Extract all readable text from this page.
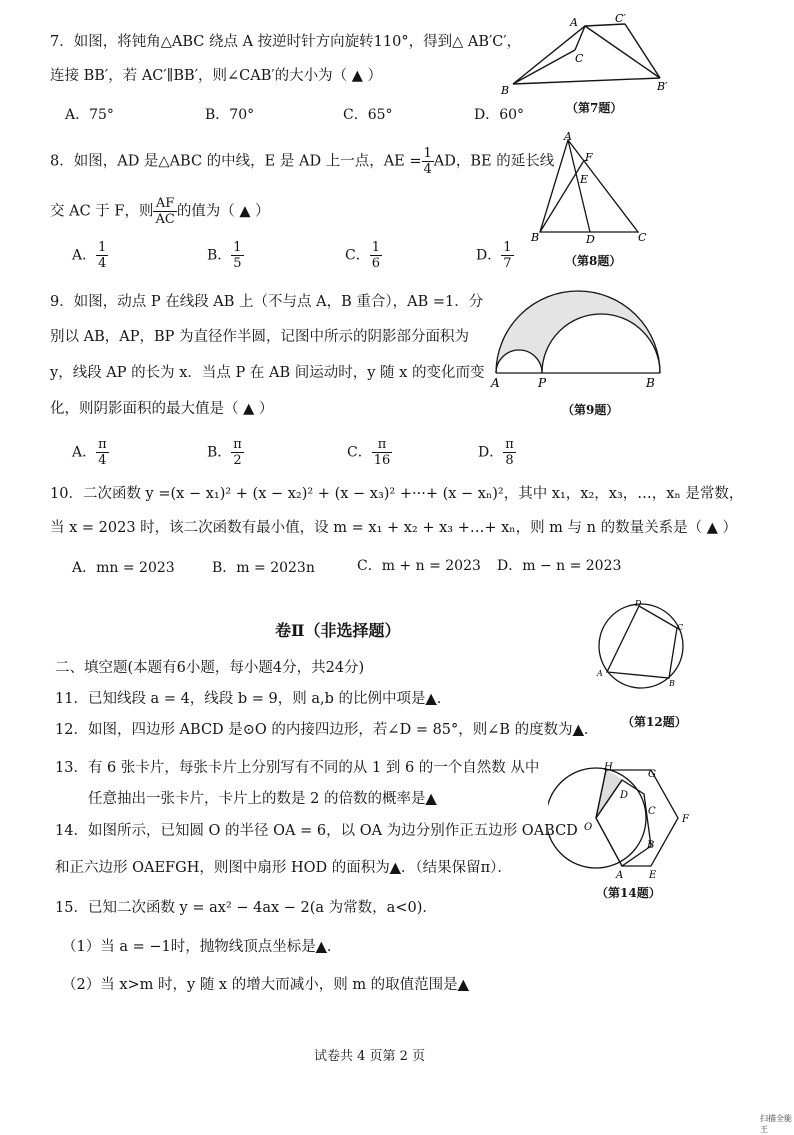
7．如图，将钝角△ABC 绕点 A 按逆时针方向旋转110°，得到△ AB′C′，
连接 BB′，若 AC′∥BB′，则∠CAB′的大小为（ ▲ ）
A．75°	B．70°	C．65°	D．60°
A	C′
C
B	B′
（第7题）
8．如图，AD 是△ABC 的中线，E 是 AD 上一点，AE = $\frac{1}{4}$ AD，BE 的延长线
交 AC 于 F，则 $\frac{AF}{AC}$ 的值为（ ▲ ）
A． $\frac{1}{4}$	B． $\frac{1}{5}$	C． $\frac{1}{6}$	D． $\frac{1}{7}$
A
F
E
B	D	C
（第8题）
9．如图，动点 P 在线段 AB 上（不与点 A，B 重合），AB =1．分
别以 AB，AP，BP 为直径作半圆，记图中所示的阴影部分面积为
y，线段 AP 的长为 x．当点 P 在 AB 间运动时，y 随 x 的变化而变
化，则阴影面积的最大值是（ ▲ ）
A． $\frac{\pi}{4}$	B． $\frac{\pi}{2}$	C． $\frac{\pi}{16}$	D． $\frac{\pi}{8}$
A	P	B
（第9题）
10．二次函数 y =(x − x₁)² + (x − x₂)² + (x − x₃)² +···+ (x − xₙ)²，其中 x₁，x₂，x₃，…，xₙ 是常数，
当 x = 2023 时，该二次函数有最小值，设 m = x₁ + x₂ + x₃ +…+ xₙ，则 m 与 n 的数量关系是（ ▲ ）
A．mn = 2023	B．m = 2023n	C．m + n = 2023 D．m − n = 2023
卷Ⅱ（非选择题）
二、填空题(本题有6小题，每小题4分，共24分)
D
C
A
B
（第12题）
11．已知线段 a = 4，线段 b = 9，则 a,b 的比例中项是▲．
12．如图，四边形 ABCD 是⊙O 的内接四边形，若∠D = 85°，则∠B 的度数为▲．
13．有 6 张卡片，每张卡片上分别写有不同的从 1 到 6 的一个自然数 从中
任意抽出一张卡片，卡片上的数是 2 的倍数的概率是▲
14．如图所示，已知圆 O 的半径 OA = 6，以 OA 为边分别作正五边形 OABCD
和正六边形 OAEFGH，则图中扇形 HOD 的面积为▲．（结果保留π）．
H
G
D
C
O
F
B
A	E
（第14题）
15．已知二次函数 y = ax² − 4ax − 2(a 为常数，a<0)．
（1）当 a = −1时，抛物线顶点坐标是▲．
（2）当 x>m 时，y 随 x 的增大而减小，则 m 的取值范围是▲
试卷共 4 页第 2 页
扫描全能王
